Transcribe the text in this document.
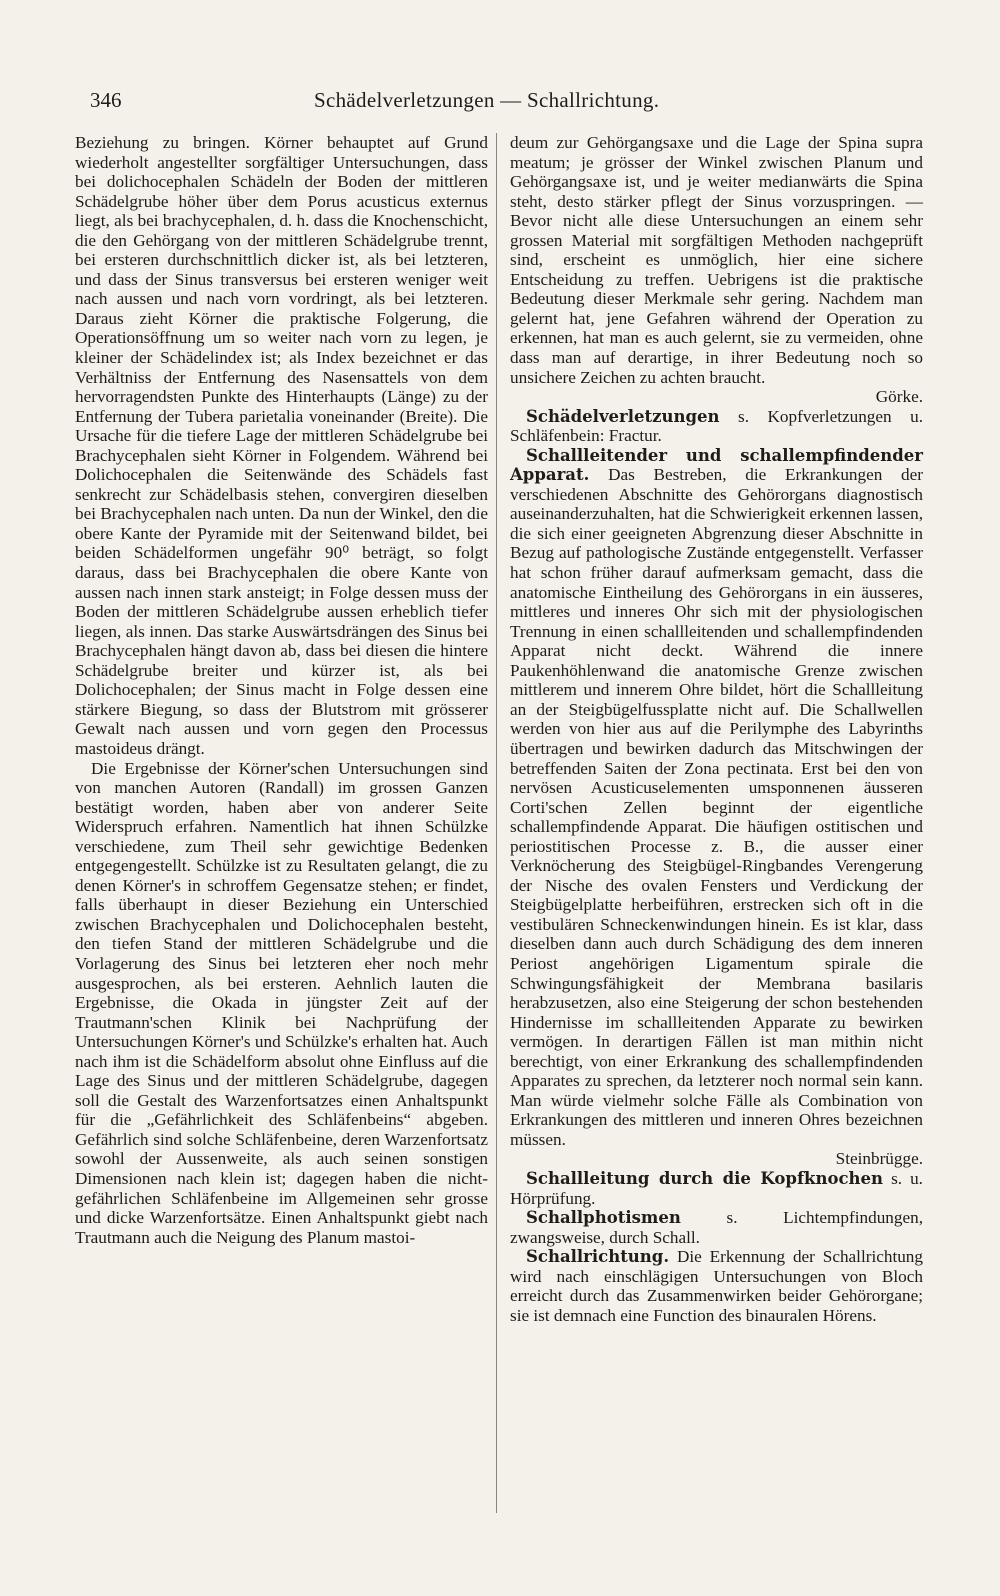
346	Schädelverletzungen — Schallrichtung.

Beziehung zu bringen. Körner behauptet auf Grund wiederholt angestellter sorgfältiger Untersuchungen, dass bei dolichocephalen Schädeln der Boden der mittleren Schädelgrube höher über dem Porus acusticus externus liegt, als bei brachycephalen, d. h. dass die Knochenschicht, die den Gehörgang von der mittleren Schädelgrube trennt, bei ersteren durchschnittlich dicker ist, als bei letzteren, und dass der Sinus transversus bei ersteren weniger weit nach aussen und nach vorn vordringt, als bei letzteren. Daraus zieht Körner die praktische Folgerung, die Operationsöffnung um so weiter nach vorn zu legen, je kleiner der Schädelindex ist; als Index bezeichnet er das Verhältniss der Entfernung des Nasensattels von dem hervorragendsten Punkte des Hinterhaupts (Länge) zu der Entfernung der Tubera parietalia voneinander (Breite). Die Ursache für die tiefere Lage der mittleren Schädelgrube bei Brachycephalen sieht Körner in Folgendem. Während bei Dolichocephalen die Seitenwände des Schädels fast senkrecht zur Schädelbasis stehen, convergiren dieselben bei Brachycephalen nach unten. Da nun der Winkel, den die obere Kante der Pyramide mit der Seitenwand bildet, bei beiden Schädelformen ungefähr 90⁰ beträgt, so folgt daraus, dass bei Brachycephalen die obere Kante von aussen nach innen stark ansteigt; in Folge dessen muss der Boden der mittleren Schädelgrube aussen erheblich tiefer liegen, als innen. Das starke Auswärtsdrängen des Sinus bei Brachycephalen hängt davon ab, dass bei diesen die hintere Schädelgrube breiter und kürzer ist, als bei Dolichocephalen; der Sinus macht in Folge dessen eine stärkere Biegung, so dass der Blutstrom mit grösserer Gewalt nach aussen und vorn gegen den Processus mastoideus drängt.

Die Ergebnisse der Körner'schen Untersuchungen sind von manchen Autoren (Randall) im grossen Ganzen bestätigt worden, haben aber von anderer Seite Widerspruch erfahren. Namentlich hat ihnen Schülzke verschiedene, zum Theil sehr gewichtige Bedenken entgegengestellt. Schülzke ist zu Resultaten gelangt, die zu denen Körner's in schroffem Gegensatze stehen; er findet, falls überhaupt in dieser Beziehung ein Unterschied zwischen Brachycephalen und Dolichocephalen besteht, den tiefen Stand der mittleren Schädelgrube und die Vorlagerung des Sinus bei letzteren eher noch mehr ausgesprochen, als bei ersteren. Aehnlich lauten die Ergebnisse, die Okada in jüngster Zeit auf der Trautmann'schen Klinik bei Nachprüfung der Untersuchungen Körner's und Schülzke's erhalten hat. Auch nach ihm ist die Schädelform absolut ohne Einfluss auf die Lage des Sinus und der mittleren Schädelgrube, dagegen soll die Gestalt des Warzenfortsatzes einen Anhaltspunkt für die „Gefährlichkeit des Schläfenbeins“ abgeben. Gefährlich sind solche Schläfenbeine, deren Warzenfortsatz sowohl der Aussenweite, als auch seinen sonstigen Dimensionen nach klein ist; dagegen haben die nicht-gefährlichen Schläfenbeine im Allgemeinen sehr grosse und dicke Warzenfortsätze. Einen Anhaltspunkt giebt nach Trautmann auch die Neigung des Planum mastoi-

deum zur Gehörgangsaxe und die Lage der Spina supra meatum; je grösser der Winkel zwischen Planum und Gehörgangsaxe ist, und je weiter medianwärts die Spina steht, desto stärker pflegt der Sinus vorzuspringen. — Bevor nicht alle diese Untersuchungen an einem sehr grossen Material mit sorgfältigen Methoden nachgeprüft sind, erscheint es unmöglich, hier eine sichere Entscheidung zu treffen. Uebrigens ist die praktische Bedeutung dieser Merkmale sehr gering. Nachdem man gelernt hat, jene Gefahren während der Operation zu erkennen, hat man es auch gelernt, sie zu vermeiden, ohne dass man auf derartige, in ihrer Bedeutung noch so unsichere Zeichen zu achten braucht.

Görke.

Schädelverletzungen s. Kopfverletzungen u. Schläfenbein: Fractur.

Schallleitender und schallempfindender Apparat. Das Bestreben, die Erkrankungen der verschiedenen Abschnitte des Gehörorgans diagnostisch auseinanderzuhalten, hat die Schwierigkeit erkennen lassen, die sich einer geeigneten Abgrenzung dieser Abschnitte in Bezug auf pathologische Zustände entgegenstellt. Verfasser hat schon früher darauf aufmerksam gemacht, dass die anatomische Eintheilung des Gehörorgans in ein äusseres, mittleres und inneres Ohr sich mit der physiologischen Trennung in einen schallleitenden und schallempfindenden Apparat nicht deckt. Während die innere Paukenhöhlenwand die anatomische Grenze zwischen mittlerem und innerem Ohre bildet, hört die Schallleitung an der Steigbügelfussplatte nicht auf. Die Schallwellen werden von hier aus auf die Perilymphe des Labyrinths übertragen und bewirken dadurch das Mitschwingen der betreffenden Saiten der Zona pectinata. Erst bei den von nervösen Acusticuselementen umsponnenen äusseren Corti'schen Zellen beginnt der eigentliche schallempfindende Apparat. Die häufigen ostitischen und periostitischen Processe z. B., die ausser einer Verknöcherung des Steigbügel-Ringbandes Verengerung der Nische des ovalen Fensters und Verdickung der Steigbügelplatte herbeiführen, erstrecken sich oft in die vestibulären Schneckenwindungen hinein. Es ist klar, dass dieselben dann auch durch Schädigung des dem inneren Periost angehörigen Ligamentum spirale die Schwingungsfähigkeit der Membrana basilaris herabzusetzen, also eine Steigerung der schon bestehenden Hindernisse im schallleitenden Apparate zu bewirken vermögen. In derartigen Fällen ist man mithin nicht berechtigt, von einer Erkrankung des schallempfindenden Apparates zu sprechen, da letzterer noch normal sein kann. Man würde vielmehr solche Fälle als Combination von Erkrankungen des mittleren und inneren Ohres bezeichnen müssen.

Steinbrügge.

Schallleitung durch die Kopfknochen s. u. Hörprüfung.

Schallphotismen	s. Lichtempfindungen, zwangsweise, durch Schall.

Schallrichtung. Die Erkennung der Schallrichtung wird nach einschlägigen Untersuchungen von Bloch erreicht durch das Zusammenwirken beider Gehörorgane; sie ist demnach eine Function des binauralen Hörens.
